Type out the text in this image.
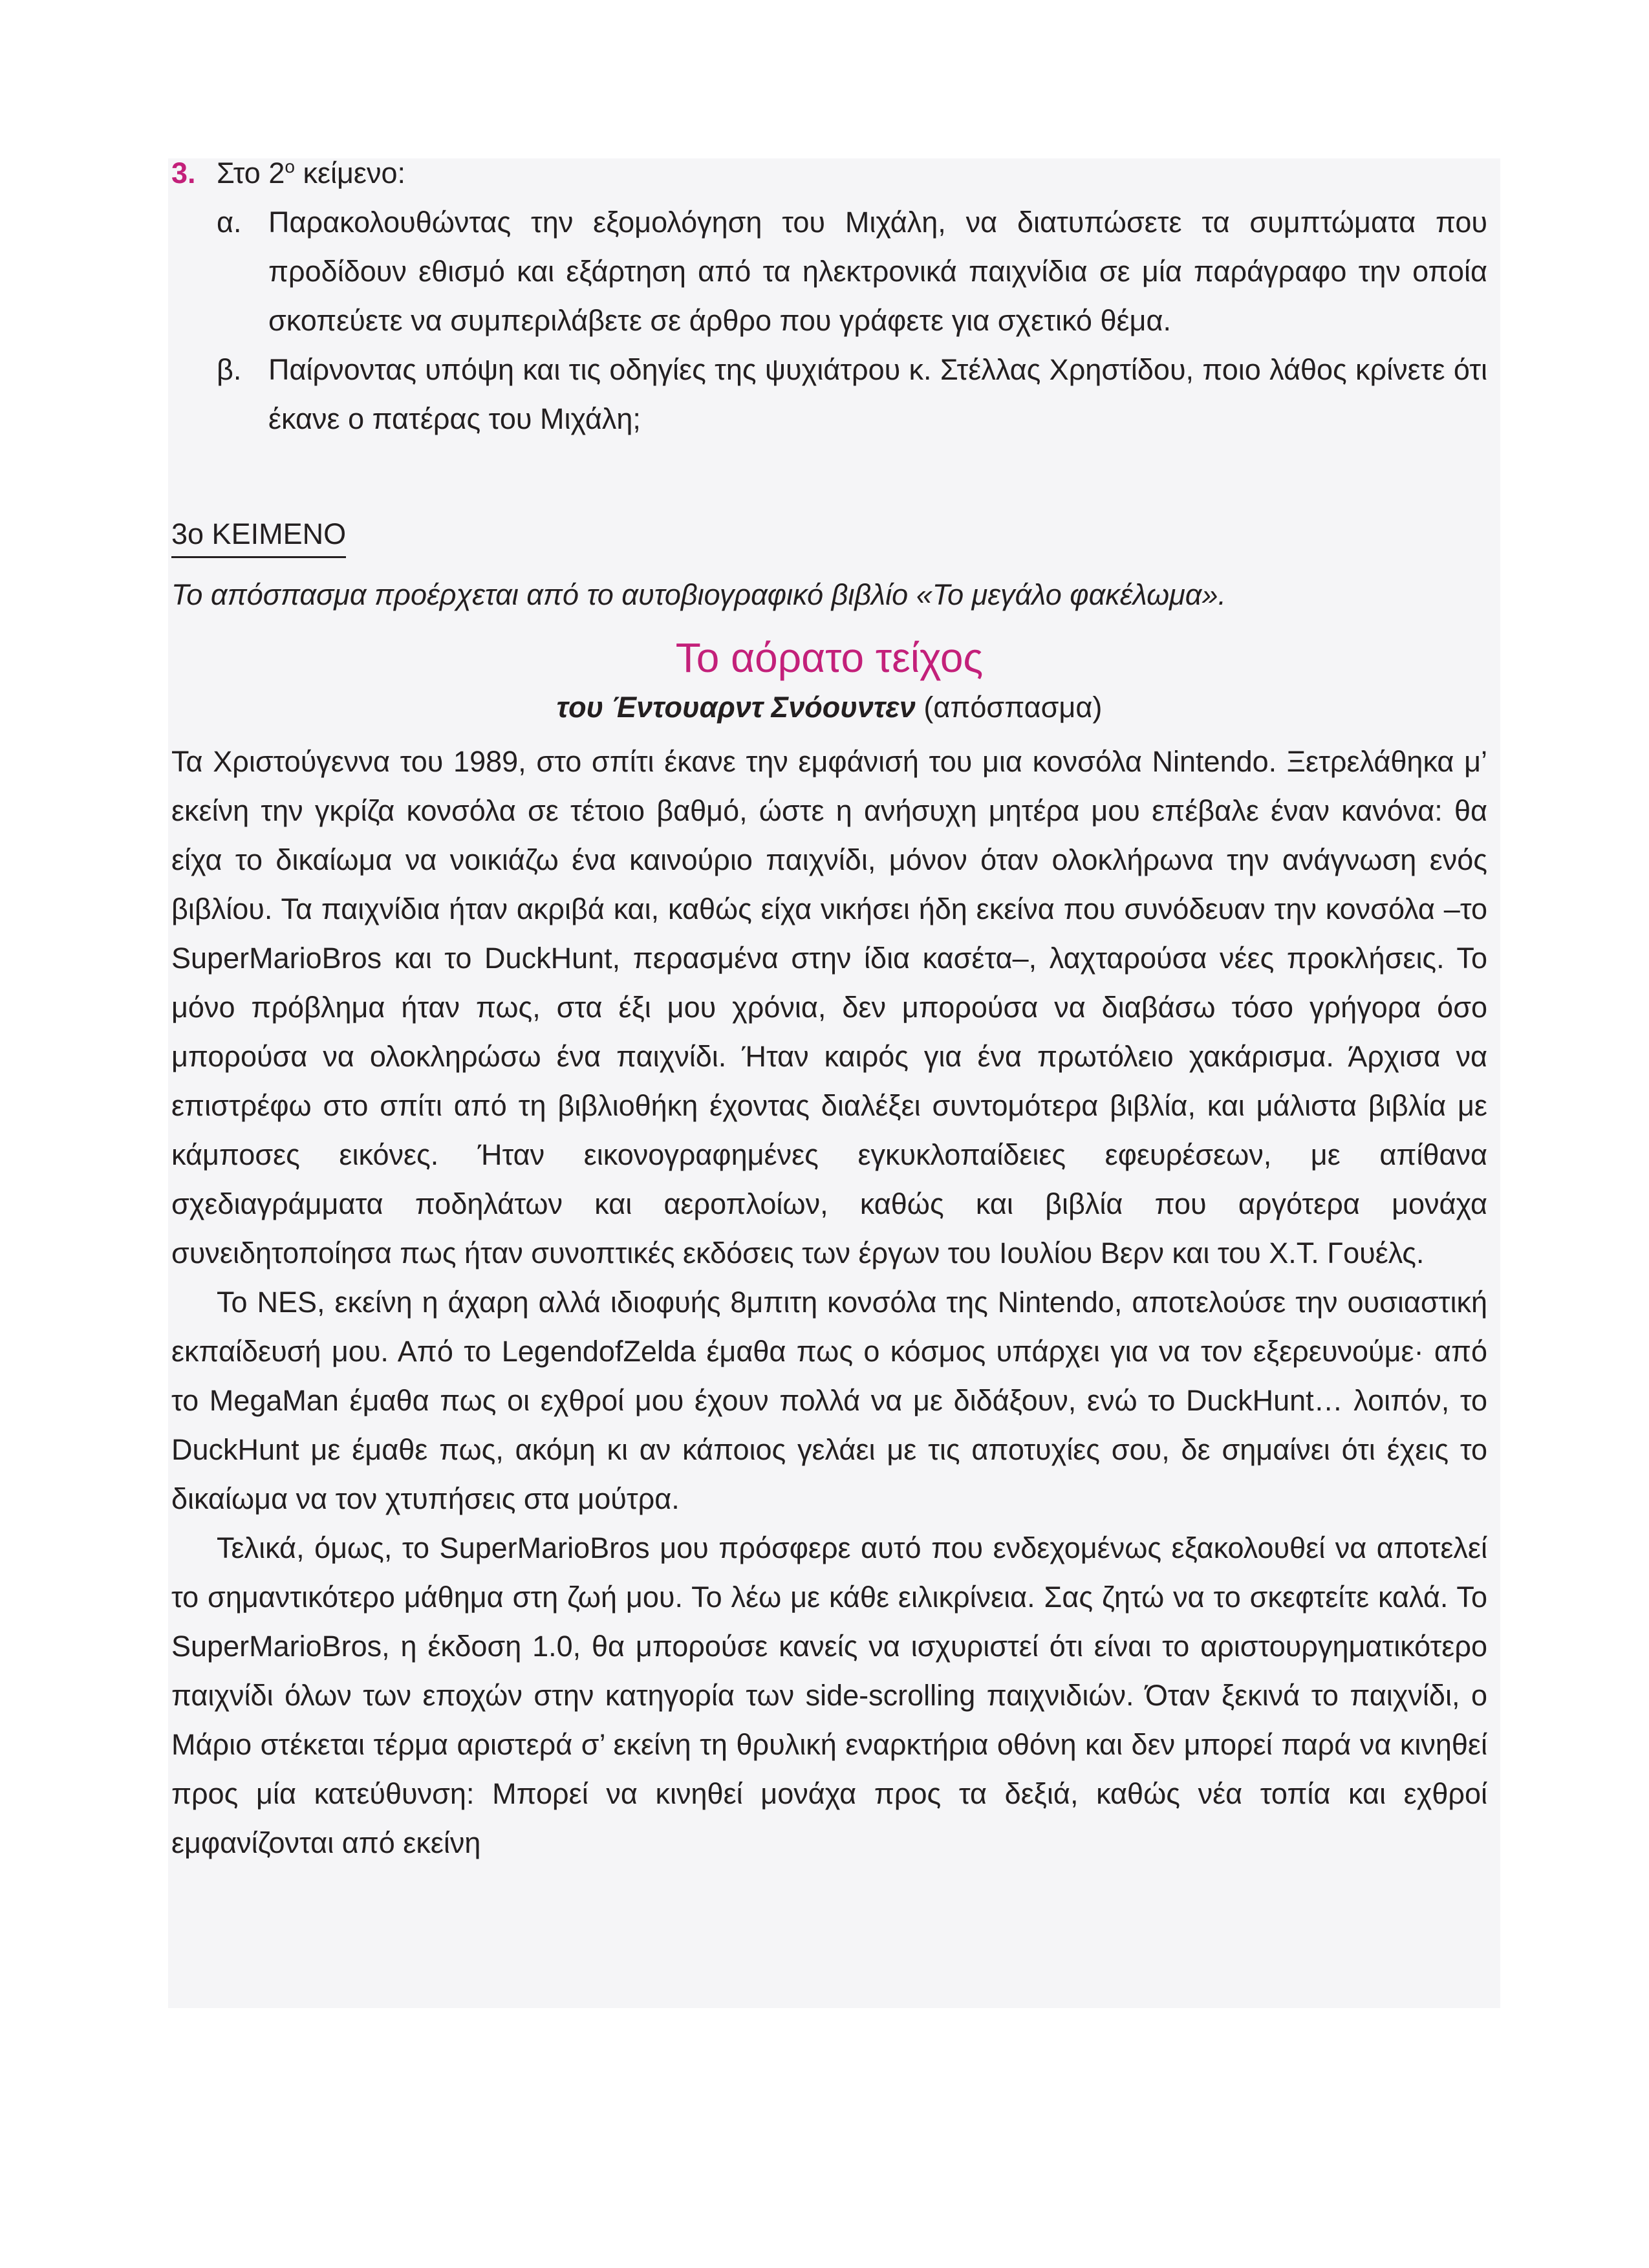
3. Στο $2^o$ κείμενο:
α. Παρακολουθώντας την εξομολόγηση του Μιχάλη, να διατυπώσετε τα συμπτώματα που προδίδουν εθισμό και εξάρτηση από τα ηλεκτρονικά παιχνίδια σε μία παράγραφο την οποία σκοπεύετε να συμπεριλάβετε σε άρθρο που γράφετε για σχετικό θέμα.
β. Παίρνοντας υπόψη και τις οδηγίες της ψυχιάτρου κ. Στέλλας Χρηστίδου, ποιο λάθος κρίνετε ότι έκανε ο πατέρας του Μιχάλη;
3ο ΚΕΙΜΕΝΟ
Το απόσπασμα προέρχεται από το αυτοβιογραφικό βιβλίο «Το μεγάλο φακέλωμα».
Το αόρατο τείχος
του Έντουαρντ Σνόουντεν (απόσπασμα)

Τα Χριστούγεννα του 1989, στο σπίτι έκανε την εμφάνισή του μια κονσόλα Nintendo. Ξετρελάθηκα μ’ εκείνη την γκρίζα κονσόλα σε τέτοιο βαθμό, ώστε η ανήσυχη μητέρα μου επέβαλε έναν κανόνα: θα είχα το δικαίωμα να νοικιάζω ένα καινούριο παιχνίδι, μόνον όταν ολοκλήρωνα την ανάγνωση ενός βιβλίου. Τα παιχνίδια ήταν ακριβά και, καθώς είχα νικήσει ήδη εκείνα που συνόδευαν την κονσόλα –το SuperMarioBros και το DuckHunt, περασμένα στην ίδια κασέτα–, λαχταρούσα νέες προκλήσεις. Το μόνο πρόβλημα ήταν πως, στα έξι μου χρόνια, δεν μπορούσα να διαβάσω τόσο γρήγορα όσο μπορούσα να ολοκληρώσω ένα παιχνίδι. Ήταν καιρός για ένα πρωτόλειο χακάρισμα. Άρχισα να επιστρέφω στο σπίτι από τη βιβλιοθήκη έχοντας διαλέξει συντομότερα βιβλία, και μάλιστα βιβλία με κάμποσες εικόνες. Ήταν εικονογραφημένες εγκυκλοπαίδειες εφευρέσεων, με απίθανα σχεδιαγράμματα ποδηλάτων και αεροπλοίων, καθώς και βιβλία που αργότερα μονάχα συνειδητοποίησα πως ήταν συνοπτικές εκδόσεις των έργων του Ιουλίου Βερν και του Χ.Τ. Γουέλς.

Το NES, εκείνη η άχαρη αλλά ιδιοφυής 8μπιτη κονσόλα της Nintendo, αποτελούσε την ουσιαστική εκπαίδευσή μου. Από το LegendofZelda έμαθα πως ο κόσμος υπάρχει για να τον εξερευνούμε· από το MegaMan έμαθα πως οι εχθροί μου έχουν πολλά να με διδάξουν, ενώ το DuckHunt… λοιπόν, το DuckHunt με έμαθε πως, ακόμη κι αν κάποιος γελάει με τις αποτυχίες σου, δε σημαίνει ότι έχεις το δικαίωμα να τον χτυπήσεις στα μούτρα.

Τελικά, όμως, το SuperMarioBros μου πρόσφερε αυτό που ενδεχομένως εξακολουθεί να αποτελεί το σημαντικότερο μάθημα στη ζωή μου. Το λέω με κάθε ειλικρίνεια. Σας ζητώ να το σκεφτείτε καλά. Το SuperMarioBros, η έκδοση 1.0, θα μπορούσε κανείς να ισχυριστεί ότι είναι το αριστουργηματικότερο παιχνίδι όλων των εποχών στην κατηγορία των side-scrolling παιχνιδιών. Όταν ξεκινά το παιχνίδι, ο Μάριο στέκεται τέρμα αριστερά σ’ εκείνη τη θρυλική εναρκτήρια οθόνη και δεν μπορεί παρά να κινηθεί προς μία κατεύθυνση: Μπορεί να κινηθεί μονάχα προς τα δεξιά, καθώς νέα τοπία και εχθροί εμφανίζονται από εκείνη
